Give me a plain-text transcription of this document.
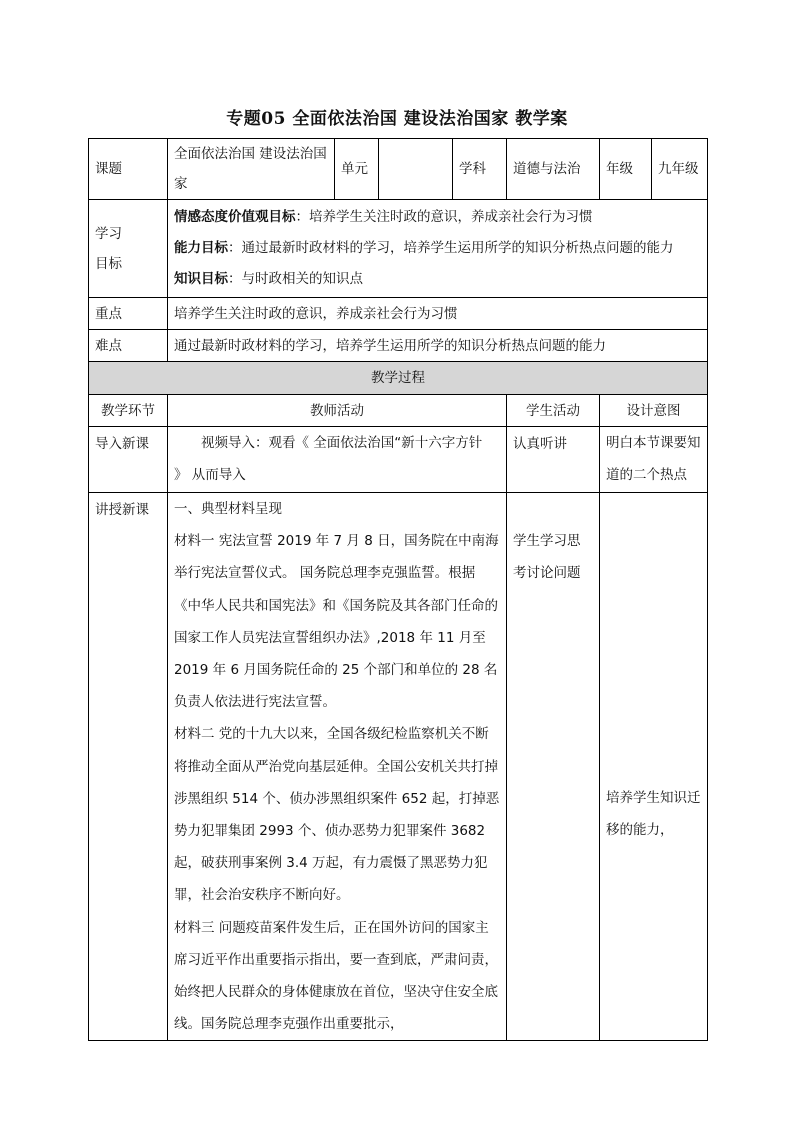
专题05 全面依法治国 建设法治国家 教学案
课题	全面依法治国 建设法治国家	单元		学科	道德与法治	年级	九年级
学习目标	情感态度价值观目标：培养学生关注时政的意识，养成亲社会行为习惯
能力目标：通过最新时政材料的学习，培养学生运用所学的知识分析热点问题的能力
知识目标：与时政相关的知识点						

重点	培养学生关注时政的意识，养成亲社会行为习惯						
难点	通过最新时政材料的学习，培养学生运用所学的知识分析热点问题的能力						
教学过程							
教学环节	教师活动				学生活动	设计意图	
导入新课	视频导入：观看《 全面依法治国“新十六字方针 》 从而导入				认真听讲	明白本节课要知道的二个热点	
讲授新课	一、典型材料呈现
材料一 宪法宣誓 2019 年 7 月 8 日，国务院在中南海举行宪法宣誓仪式。 国务院总理李克强监誓。根据《中华人民共和国宪法》和《国务院及其各部门任命的国家工作人员宪法宣誓组织办法》,2018 年 11 月至 2019 年 6 月国务院任命的 25 个部门和单位的 28 名负责人依法进行宪法宣誓。
材料二 党的十九大以来，全国各级纪检监察机关不断将推动全面从严治党向基层延伸。全国公安机关共打掉涉黑组织 514 个、侦办涉黑组织案件 652 起，打掉恶势力犯罪集团 2993 个、侦办恶势力犯罪案件 3682 起，破获刑事案例 3.4 万起，有力震慑了黑恶势力犯罪，社会治安秩序不断向好。
材料三 问题疫苗案件发生后，正在国外访问的国家主席习近平作出重要指示指出，要一查到底，严肃问责，始终把人民群众的身体健康放在首位，坚决守住安全底线。国务院总理李克强作出重要批示，				学生学习思考讨论问题	培养学生知识迁移的能力，	
